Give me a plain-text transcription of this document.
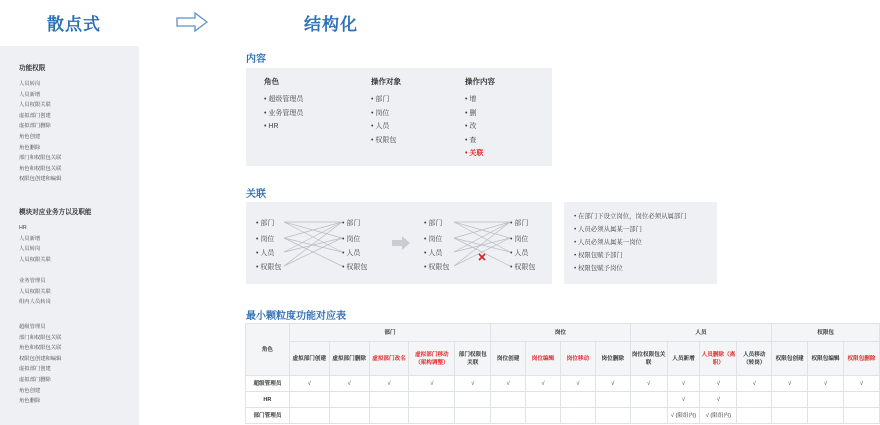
散点式	结构化
功能权限
人员转岗
人员新增
人员权限关联
虚拟部门创建
虚拟部门删除
角色创建
角色删除
部门和权限包关联
角色和权限包关联
权限包创建和编辑
模块对应业务方以及职能
HR
人员新增
人员转岗
人员权限关联
业务管理员
人员权限关联
组内人员转岗
超级管理员
部门和权限包关联
角色和权限包关联
权限包创建和编辑
虚拟部门创建
虚拟部门删除
角色创建
角色删除
内容
角色
• 超级管理员
• 业务管理员
• HR
操作对象
• 部门
• 岗位
• 人员
• 权限包
操作内容
• 增
• 删
• 改
• 查
• 关联
关联
• 部门
• 岗位
• 人员
• 权限包
• 部门
• 岗位
• 人员
• 权限包
• 部门
• 岗位
• 人员
• 权限包
• 部门
• 岗位
• 人员
• 权限包
• 在部门下设立岗位，岗位必须从属部门
• 人员必须从属某一部门
• 人员必须从属某一岗位
• 权限包赋予部门
• 权限包赋予岗位
最小颗粒度功能对应表
角色	部门					岗位				人员				权限包		
	虚拟部门创建	虚拟部门删除	虚拟部门改名	虚拟部门移动（架构调整）	部门权限包关联	岗位创建	岗位编辑	岗位移动	岗位删除	岗位权限包关联	人员新增	人员删除（离职）	人员移动（转岗）	权限包创建	权限包编辑	权限包删除
超级管理员	√	√	√	√	√	√	√	√	√	√	√	√	√	√	√	√
HR											√	√				
部门管理员											√ (限组内)	√ (限组内)				
